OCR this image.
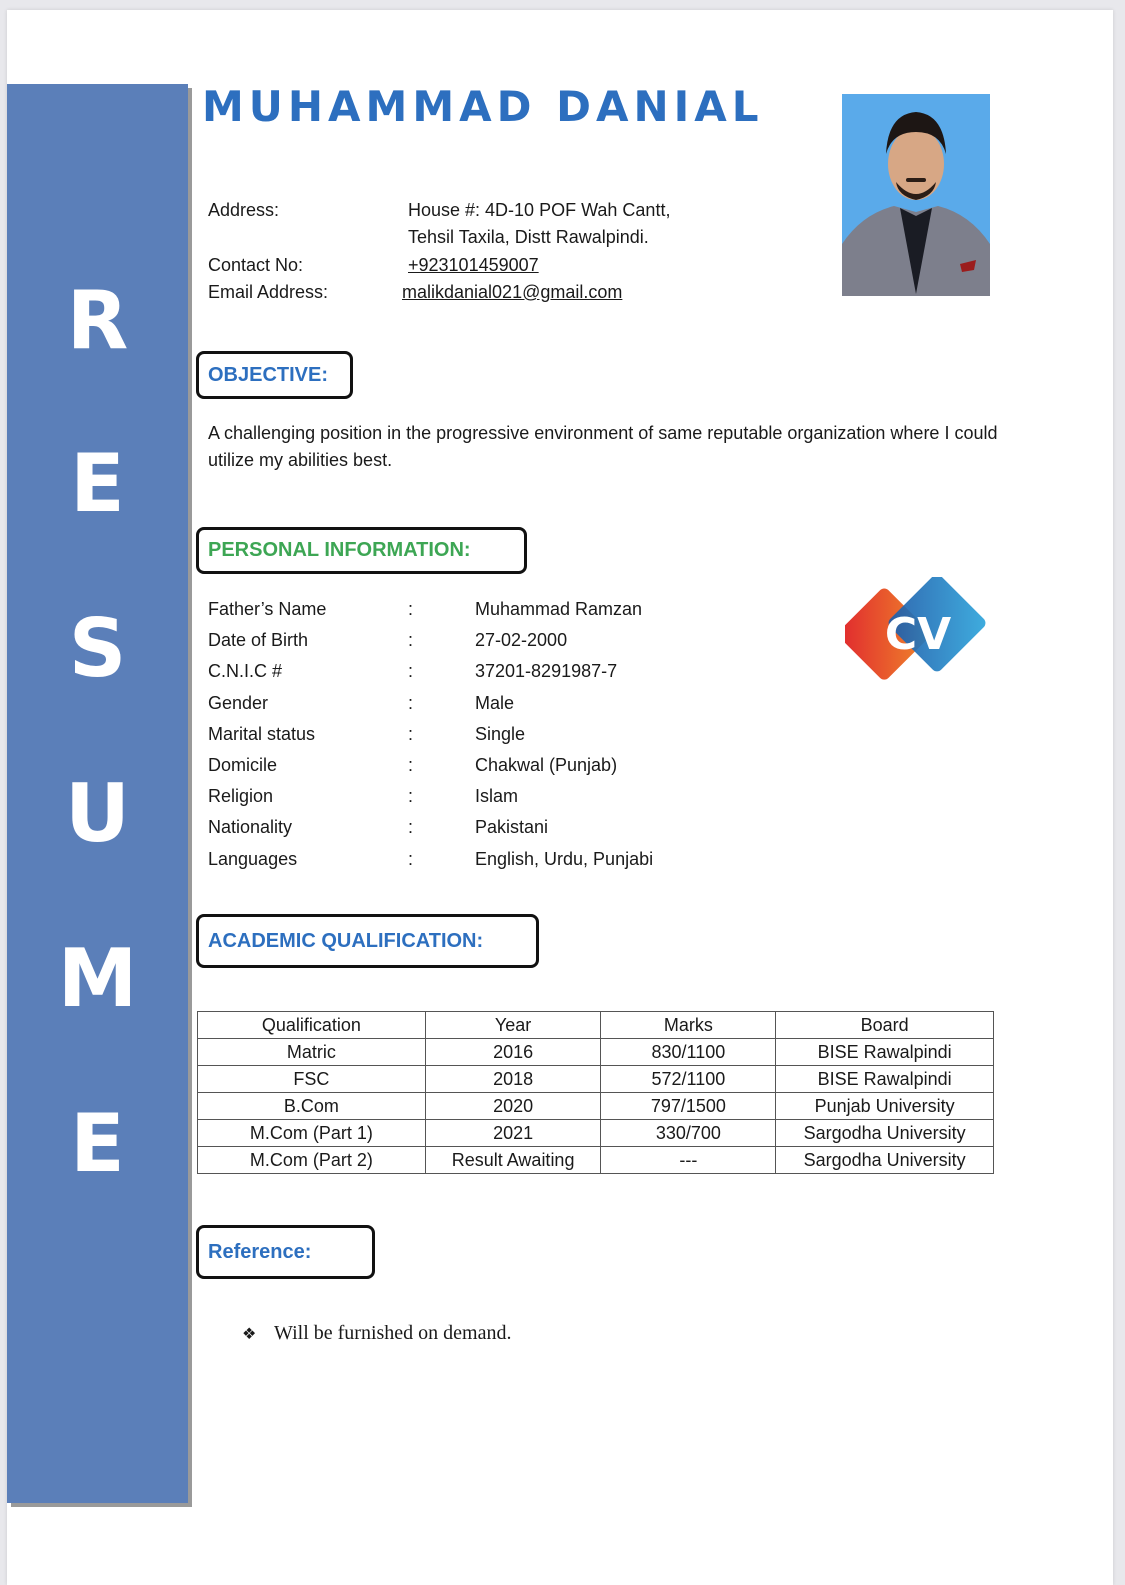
R
E
S
U
M
E
MUHAMMAD DANIAL
Address:	House #: 4D-10 POF Wah Cantt,
Tehsil Taxila, Distt Rawalpindi.
Contact No:	+923101459007
Email Address:	malikdanial021@gmail.com
OBJECTIVE:
A challenging position in the progressive environment of same reputable organization where I could utilize my abilities best.
PERSONAL INFORMATION:
Father’s Name	:	Muhammad Ramzan
Date of Birth	:	27-02-2000
C.N.I.C #	:	37201-8291987-7
Gender	:	Male
Marital status	:	Single
Domicile	:	Chakwal (Punjab)
Religion	:	Islam
Nationality	:	Pakistani
Languages	:	English, Urdu, Punjabi
CV
ACADEMIC QUALIFICATION:
Qualification	Year	Marks	Board
Matric	2016	830/1100	BISE Rawalpindi
FSC	2018	572/1100	BISE Rawalpindi
B.Com	2020	797/1500	Punjab University
M.Com (Part 1)	2021	330/700	Sargodha University
M.Com (Part 2)	Result Awaiting	---	Sargodha University
Reference:
❖ Will be furnished on demand.
